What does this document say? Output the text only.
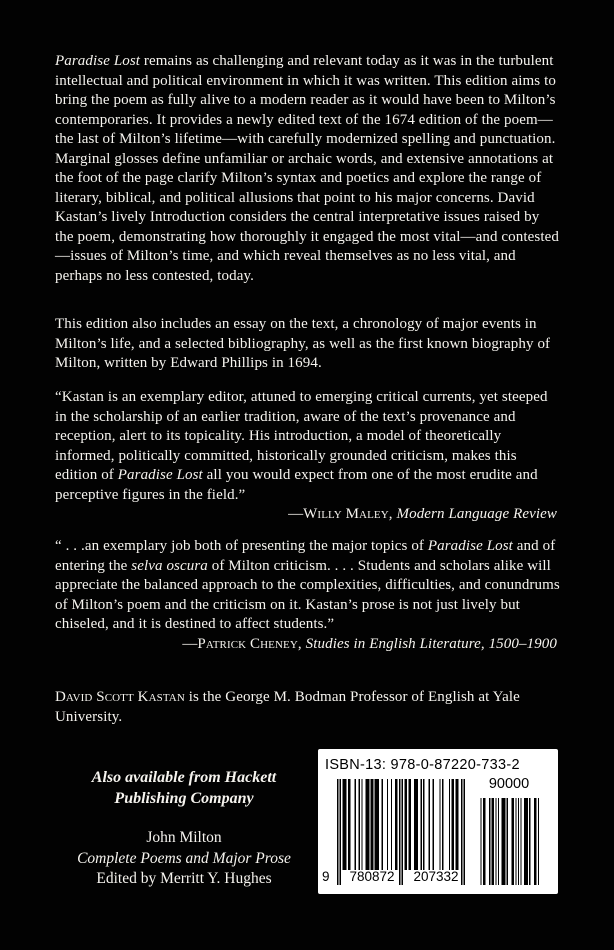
Paradise Lost remains as challenging and relevant today as it was in the turbulent intellectual and political environment in which it was written. This edition aims to bring the poem as fully alive to a modern reader as it would have been to Milton’s contemporaries. It provides a newly edited text of the 1674 edition of the poem—the last of Milton’s lifetime—with carefully modernized spelling and punctuation. Marginal glosses define unfamiliar or archaic words, and extensive annotations at the foot of the page clarify Milton’s syntax and poetics and explore the range of literary, biblical, and political allusions that point to his major concerns. David Kastan’s lively Introduction considers the central interpretative issues raised by the poem, demonstrating how thoroughly it engaged the most vital—and contested—issues of Milton’s time, and which reveal themselves as no less vital, and perhaps no less contested, today.

This edition also includes an essay on the text, a chronology of major events in Milton’s life, and a selected bibliography, as well as the first known biography of Milton, written by Edward Phillips in 1694.

“Kastan is an exemplary editor, attuned to emerging critical currents, yet steeped in the scholarship of an earlier tradition, aware of the text’s provenance and reception, alert to its topicality. His introduction, a model of theoretically informed, politically committed, historically grounded criticism, makes this edition of Paradise Lost all you would expect from one of the most erudite and perceptive figures in the field.”

—Willy Maley, Modern Language Review

“ . . .an exemplary job both of presenting the major topics of Paradise Lost and of entering the selva oscura of Milton criticism. . . . Students and scholars alike will appreciate the balanced approach to the complexities, difficulties, and conundrums of Milton’s poem and the criticism on it. Kastan’s prose is not just lively but chiseled, and it is destined to affect students.”

—Patrick Cheney, Studies in English Literature, 1500–1900

David Scott Kastan is the George M. Bodman Professor of English at Yale University.

Also available from Hackett
Publishing Company
John Milton
Complete Poems and Major Prose
Edited by Merritt Y. Hughes
ISBN-13: 978-0-87220-733-2
9	780872	207332
90000
